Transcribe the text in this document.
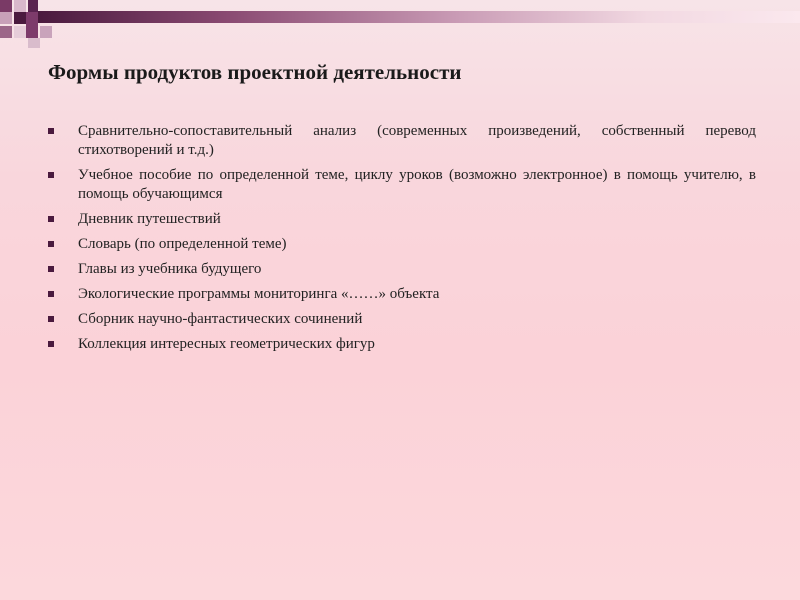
Формы продуктов проектной деятельности
Сравнительно-сопоставительный анализ (современных произведений, собственный перевод стихотворений и т.д.)
Учебное пособие по определенной теме, циклу уроков (возможно электронное) в помощь учителю, в помощь обучающимся
Дневник путешествий
Словарь (по определенной теме)
Главы из учебника будущего
Экологические программы мониторинга «……» объекта
Сборник научно-фантастических сочинений
Коллекция интересных геометрических фигур
